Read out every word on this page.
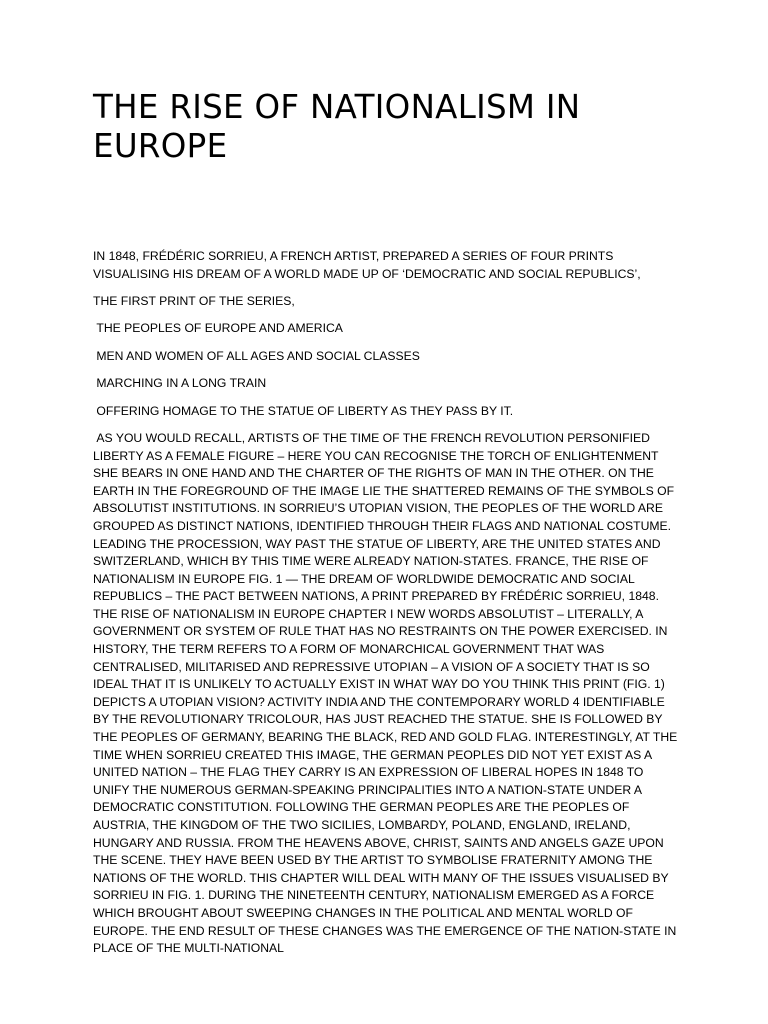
THE RISE OF NATIONALISM IN EUROPE

IN 1848, FRÉDÉRIC SORRIEU, A FRENCH ARTIST, PREPARED A SERIES OF FOUR PRINTS VISUALISING HIS DREAM OF A WORLD MADE UP OF ‘DEMOCRATIC AND SOCIAL REPUBLICS’,

THE FIRST PRINT OF THE SERIES,

THE PEOPLES OF EUROPE AND AMERICA

MEN AND WOMEN OF ALL AGES AND SOCIAL CLASSES

MARCHING IN A LONG TRAIN

OFFERING HOMAGE TO THE STATUE OF LIBERTY AS THEY PASS BY IT.

AS YOU WOULD RECALL, ARTISTS OF THE TIME OF THE FRENCH REVOLUTION PERSONIFIED LIBERTY AS A FEMALE FIGURE – HERE YOU CAN RECOGNISE THE TORCH OF ENLIGHTENMENT SHE BEARS IN ONE HAND AND THE CHARTER OF THE RIGHTS OF MAN IN THE OTHER. ON THE EARTH IN THE FOREGROUND OF THE IMAGE LIE THE SHATTERED REMAINS OF THE SYMBOLS OF ABSOLUTIST INSTITUTIONS. IN SORRIEU’S UTOPIAN VISION, THE PEOPLES OF THE WORLD ARE GROUPED AS DISTINCT NATIONS, IDENTIFIED THROUGH THEIR FLAGS AND NATIONAL COSTUME. LEADING THE PROCESSION, WAY PAST THE STATUE OF LIBERTY, ARE THE UNITED STATES AND SWITZERLAND, WHICH BY THIS TIME WERE ALREADY NATION-STATES. FRANCE, THE RISE OF NATIONALISM IN EUROPE FIG. 1 — THE DREAM OF WORLDWIDE DEMOCRATIC AND SOCIAL REPUBLICS – THE PACT BETWEEN NATIONS, A PRINT PREPARED BY FRÉDÉRIC SORRIEU, 1848. THE RISE OF NATIONALISM IN EUROPE CHAPTER I NEW WORDS ABSOLUTIST – LITERALLY, A GOVERNMENT OR SYSTEM OF RULE THAT HAS NO RESTRAINTS ON THE POWER EXERCISED. IN HISTORY, THE TERM REFERS TO A FORM OF MONARCHICAL GOVERNMENT THAT WAS CENTRALISED, MILITARISED AND REPRESSIVE UTOPIAN – A VISION OF A SOCIETY THAT IS SO IDEAL THAT IT IS UNLIKELY TO ACTUALLY EXIST IN WHAT WAY DO YOU THINK THIS PRINT (FIG. 1) DEPICTS A UTOPIAN VISION? ACTIVITY INDIA AND THE CONTEMPORARY WORLD 4 IDENTIFIABLE BY THE REVOLUTIONARY TRICOLOUR, HAS JUST REACHED THE STATUE. SHE IS FOLLOWED BY THE PEOPLES OF GERMANY, BEARING THE BLACK, RED AND GOLD FLAG. INTERESTINGLY, AT THE TIME WHEN SORRIEU CREATED THIS IMAGE, THE GERMAN PEOPLES DID NOT YET EXIST AS A UNITED NATION – THE FLAG THEY CARRY IS AN EXPRESSION OF LIBERAL HOPES IN 1848 TO UNIFY THE NUMEROUS GERMAN-SPEAKING PRINCIPALITIES INTO A NATION-STATE UNDER A DEMOCRATIC CONSTITUTION. FOLLOWING THE GERMAN PEOPLES ARE THE PEOPLES OF AUSTRIA, THE KINGDOM OF THE TWO SICILIES, LOMBARDY, POLAND, ENGLAND, IRELAND, HUNGARY AND RUSSIA. FROM THE HEAVENS ABOVE, CHRIST, SAINTS AND ANGELS GAZE UPON THE SCENE. THEY HAVE BEEN USED BY THE ARTIST TO SYMBOLISE FRATERNITY AMONG THE NATIONS OF THE WORLD. THIS CHAPTER WILL DEAL WITH MANY OF THE ISSUES VISUALISED BY SORRIEU IN FIG. 1. DURING THE NINETEENTH CENTURY, NATIONALISM EMERGED AS A FORCE WHICH BROUGHT ABOUT SWEEPING CHANGES IN THE POLITICAL AND MENTAL WORLD OF EUROPE. THE END RESULT OF THESE CHANGES WAS THE EMERGENCE OF THE NATION-STATE IN PLACE OF THE MULTI-NATIONAL
